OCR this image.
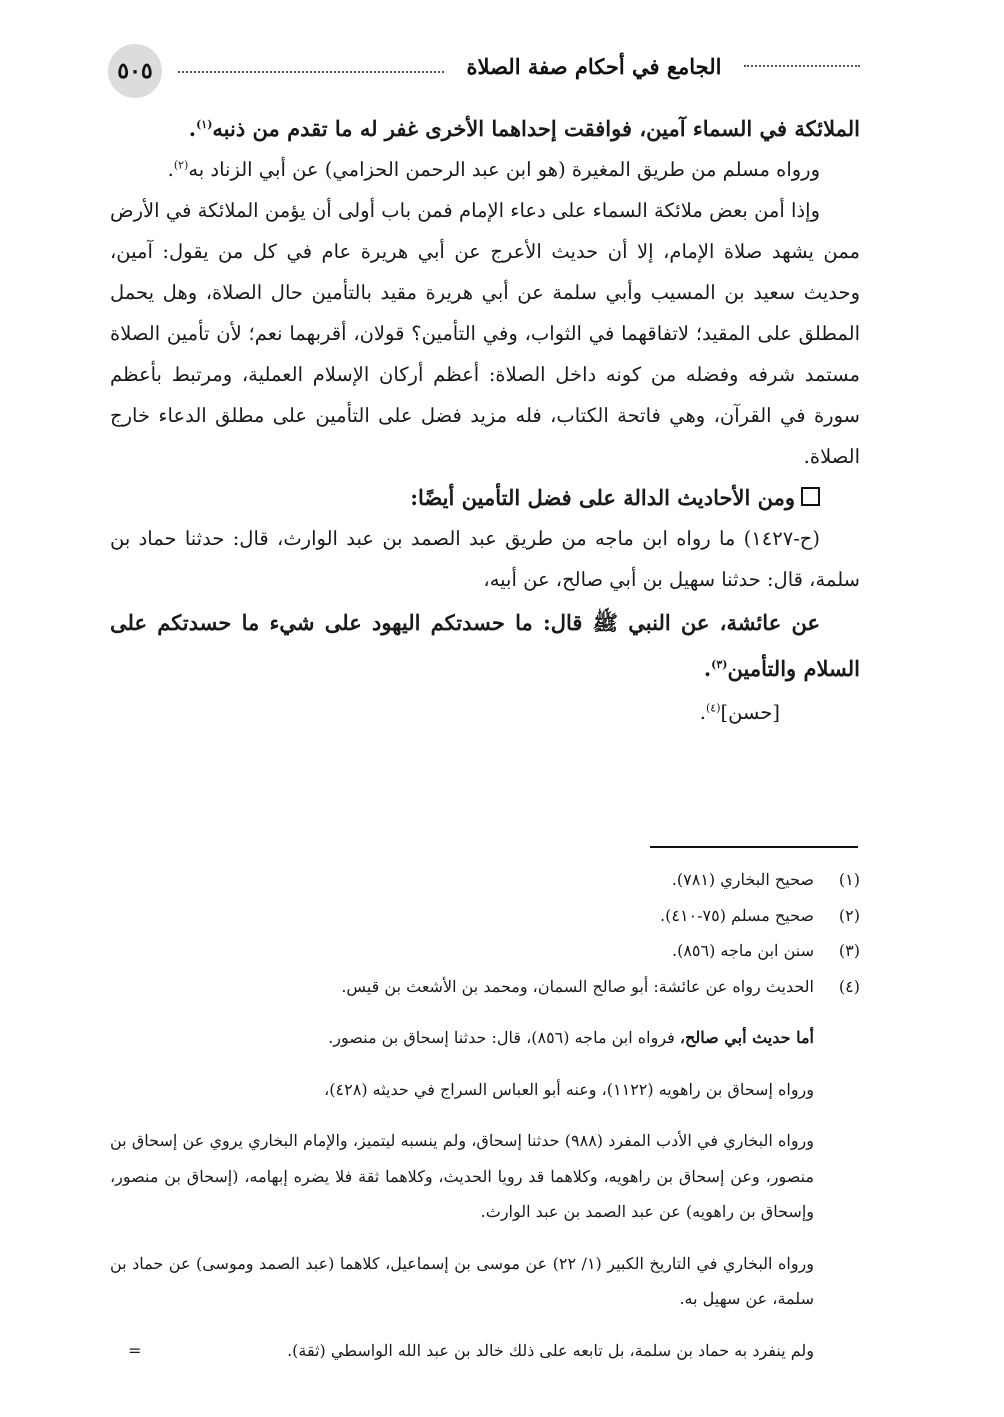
٥٠٥	الجامع في أحكام صفة الصلاة

الملائكة في السماء آمين، فوافقت إحداهما الأخرى غفر له ما تقدم من ذنبه$^{(١)}$.

ورواه مسلم من طريق المغيرة (هو ابن عبد الرحمن الحزامي) عن أبي الزناد به$^{(٢)}$.

وإذا أمن بعض ملائكة السماء على دعاء الإمام فمن باب أولى أن يؤمن الملائكة في الأرض ممن يشهد صلاة الإمام، إلا أن حديث الأعرج عن أبي هريرة عام في كل من يقول: آمين، وحديث سعيد بن المسيب وأبي سلمة عن أبي هريرة مقيد بالتأمين حال الصلاة، وهل يحمل المطلق على المقيد؛ لاتفاقهما في الثواب، وفي التأمين؟ قولان، أقربهما نعم؛ لأن تأمين الصلاة مستمد شرفه وفضله من كونه داخل الصلاة: أعظم أركان الإسلام العملية، ومرتبط بأعظم سورة في القرآن، وهي فاتحة الكتاب، فله مزيد فضل على التأمين على مطلق الدعاء خارج الصلاة.

ومن الأحاديث الدالة على فضل التأمين أيضًا:

(ح-١٤٢٧) ما رواه ابن ماجه من طريق عبد الصمد بن عبد الوارث، قال: حدثنا حماد بن سلمة، قال: حدثنا سهيل بن أبي صالح، عن أبيه،

عن عائشة، عن النبي ﷺ قال: ما حسدتكم اليهود على شيء ما حسدتكم على السلام والتأمين$^{(٣)}$.

[حسن]$^{(٤)}$.

(١)
صحيح البخاري (٧٨١).
(٢)
صحيح مسلم (٧٥-٤١٠).
(٣)
سنن ابن ماجه (٨٥٦).
(٤)
الحديث رواه عن عائشة: أبو صالح السمان، ومحمد بن الأشعث بن قيس.

أما حديث أبي صالح، فرواه ابن ماجه (٨٥٦)، قال: حدثنا إسحاق بن منصور.

ورواه إسحاق بن راهويه (١١٢٢)، وعنه أبو العباس السراج في حديثه (٤٢٨)،

ورواه البخاري في الأدب المفرد (٩٨٨) حدثنا إسحاق، ولم ينسبه ليتميز، والإمام البخاري يروي عن إسحاق بن منصور، وعن إسحاق بن راهويه، وكلاهما قد رويا الحديث، وكلاهما ثقة فلا يضره إبهامه، (إسحاق بن منصور، وإسحاق بن راهويه) عن عبد الصمد بن عبد الوارث.

ورواه البخاري في التاريخ الكبير (١/ ٢٢) عن موسى بن إسماعيل، كلاهما (عبد الصمد وموسى) عن حماد بن سلمة، عن سهيل به.

ولم ينفرد به حماد بن سلمة، بل تابعه على ذلك خالد بن عبد الله الواسطي (ثقة).
=
